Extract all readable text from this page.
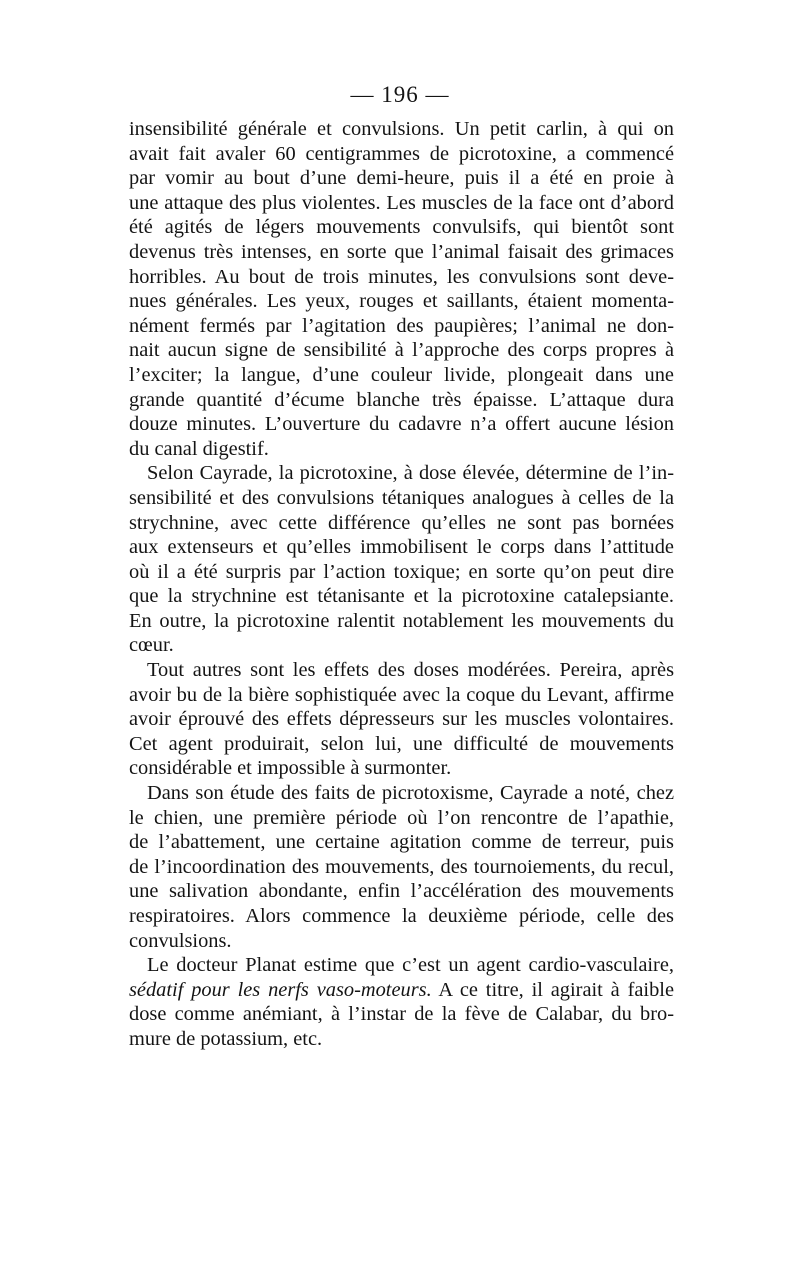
— 196 —
insensibilité générale et convulsions. Un petit carlin, à qui on
avait fait avaler 60 centigrammes de picrotoxine, a commencé
par vomir au bout d’une demi-heure, puis il a été en proie à
une attaque des plus violentes. Les muscles de la face ont d’abord
été agités de légers mouvements convulsifs, qui bientôt sont
devenus très intenses, en sorte que l’animal faisait des grimaces
horribles. Au bout de trois minutes, les convulsions sont deve-
nues générales. Les yeux, rouges et saillants, étaient momenta-
nément fermés par l’agitation des paupières; l’animal ne don-
nait aucun signe de sensibilité à l’approche des corps propres à
l’exciter; la langue, d’une couleur livide, plongeait dans une
grande quantité d’écume blanche très épaisse. L’attaque dura
douze minutes. L’ouverture du cadavre n’a offert aucune lésion
du canal digestif.
Selon Cayrade, la picrotoxine, à dose élevée, détermine de l’in-
sensibilité et des convulsions tétaniques analogues à celles de la
strychnine, avec cette différence qu’elles ne sont pas bornées
aux extenseurs et qu’elles immobilisent le corps dans l’attitude
où il a été surpris par l’action toxique; en sorte qu’on peut dire
que la strychnine est tétanisante et la picrotoxine catalepsiante.
En outre, la picrotoxine ralentit notablement les mouvements du
cœur.
Tout autres sont les effets des doses modérées. Pereira, après
avoir bu de la bière sophistiquée avec la coque du Levant, affirme
avoir éprouvé des effets dépresseurs sur les muscles volontaires.
Cet agent produirait, selon lui, une difficulté de mouvements
considérable et impossible à surmonter.
Dans son étude des faits de picrotoxisme, Cayrade a noté, chez
le chien, une première période où l’on rencontre de l’apathie,
de l’abattement, une certaine agitation comme de terreur, puis
de l’incoordination des mouvements, des tournoiements, du recul,
une salivation abondante, enfin l’accélération des mouvements
respiratoires. Alors commence la deuxième période, celle des
convulsions.
Le docteur Planat estime que c’est un agent cardio-vasculaire,
sédatif pour les nerfs vaso-moteurs. A ce titre, il agirait à faible
dose comme anémiant, à l’instar de la fève de Calabar, du bro-
mure de potassium, etc.
